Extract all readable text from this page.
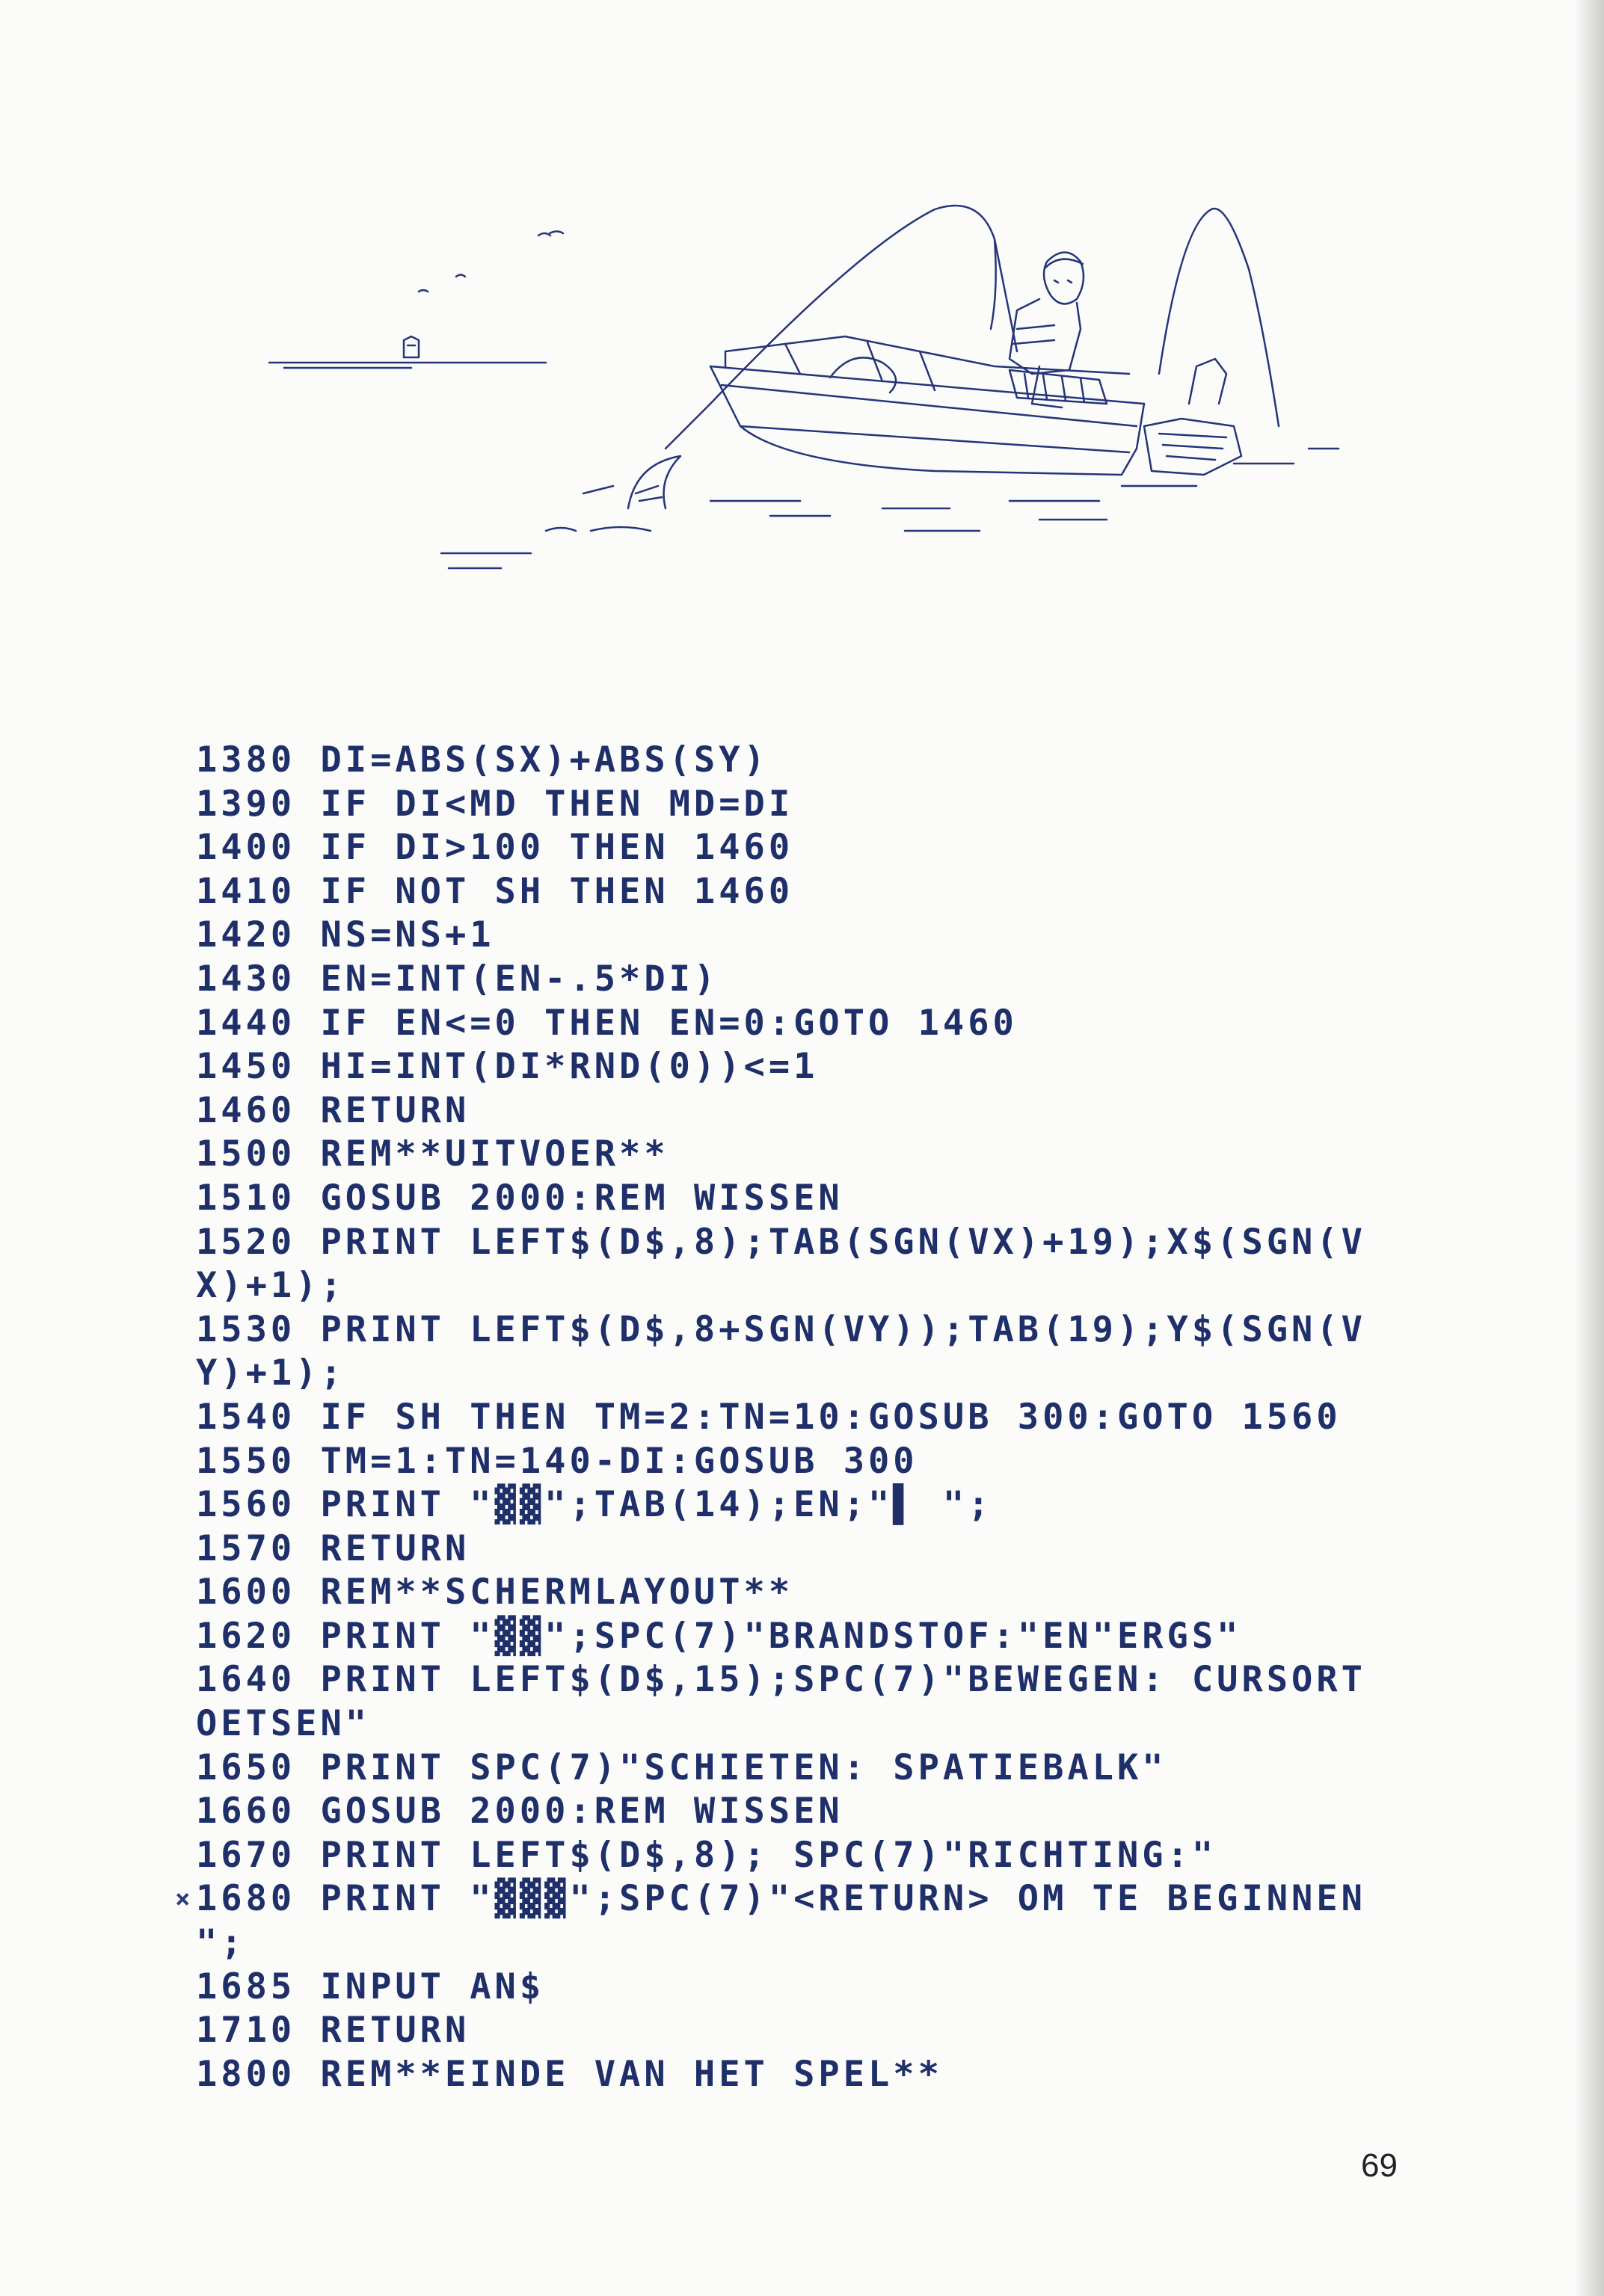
1380 DI=ABS(SX)+ABS(SY)
1390 IF DI<MD THEN MD=DI
1400 IF DI>100 THEN 1460
1410 IF NOT SH THEN 1460
1420 NS=NS+1
1430 EN=INT(EN-.5*DI)
1440 IF EN<=0 THEN EN=0:GOTO 1460
1450 HI=INT(DI*RND(0))<=1
1460 RETURN
1500 REM**UITVOER**
1510 GOSUB 2000:REM WISSEN
1520 PRINT LEFT$(D$,8);TAB(SGN(VX)+19);X$(SGN(V
X)+1);
1530 PRINT LEFT$(D$,8+SGN(VY));TAB(19);Y$(SGN(V
Y)+1);
1540 IF SH THEN TM=2:TN=10:GOSUB 300:GOTO 1560
1550 TM=1:TN=140-DI:GOSUB 300
1560 PRINT "▓▓";TAB(14);EN;"▌ ";
1570 RETURN
1600 REM**SCHERMLAYOUT**
1620 PRINT "▓▓";SPC(7)"BRANDSTOF:"EN"ERGS"
1640 PRINT LEFT$(D$,15);SPC(7)"BEWEGEN: CURSORT
OETSEN"
1650 PRINT SPC(7)"SCHIETEN: SPATIEBALK"
1660 GOSUB 2000:REM WISSEN
1670 PRINT LEFT$(D$,8); SPC(7)"RICHTING:"
× 1680 PRINT "▓▓▓";SPC(7)"<RETURN> OM TE BEGINNEN
";
1685 INPUT AN$
1710 RETURN
1800 REM**EINDE VAN HET SPEL**
69
